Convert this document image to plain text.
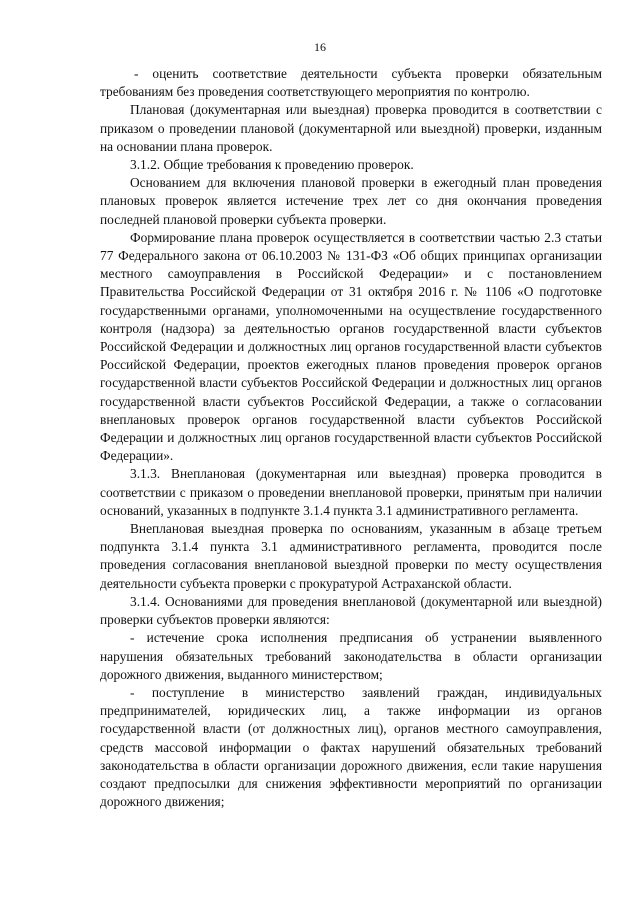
16

- оценить соответствие деятельности субъекта проверки обязательным требованиям без проведения соответствующего мероприятия по контролю.

Плановая (документарная или выездная) проверка проводится в соответствии с приказом о проведении плановой (документарной или выездной) проверки, изданным на основании плана проверок.

3.1.2. Общие требования к проведению проверок.

Основанием для включения плановой проверки в ежегодный план проведения плановых проверок является истечение трех лет со дня окончания проведения последней плановой проверки субъекта проверки.

Формирование плана проверок осуществляется в соответствии частью 2.3 статьи 77 Федерального закона от 06.10.2003 № 131-ФЗ «Об общих принципах организации местного самоуправления в Российской Федерации» и с постановлением Правительства Российской Федерации от 31 октября 2016 г. № 1106 «О подготовке государственными органами, уполномоченными на осуществление государственного контроля (надзора) за деятельностью органов государственной власти субъектов Российской Федерации и должностных лиц органов государственной власти субъектов Российской Федерации, проектов ежегодных планов проведения проверок органов государственной власти субъектов Российской Федерации и должностных лиц органов государственной власти субъектов Российской Федерации, а также о согласовании внеплановых проверок органов государственной власти субъектов Российской Федерации и должностных лиц органов государственной власти субъектов Российской Федерации».

3.1.3. Внеплановая (документарная или выездная) проверка проводится в соответствии с приказом о проведении внеплановой проверки, принятым при наличии оснований, указанных в подпункте 3.1.4 пункта 3.1 административного регламента.

Внеплановая выездная проверка по основаниям, указанным в абзаце третьем подпункта 3.1.4 пункта 3.1 административного регламента, проводится после проведения согласования внеплановой выездной проверки по месту осуществления деятельности субъекта проверки с прокуратурой Астраханской области.

3.1.4. Основаниями для проведения внеплановой (документарной или выездной) проверки субъектов проверки являются:

- истечение срока исполнения предписания об устранении выявленного нарушения обязательных требований законодательства в области организации дорожного движения, выданного министерством;

- поступление в министерство заявлений граждан, индивидуальных предпринимателей, юридических лиц, а также информации из органов государственной власти (от должностных лиц), органов местного самоуправления, средств массовой информации о фактах нарушений обязательных требований законодательства в области организации дорожного движения, если такие нарушения создают предпосылки для снижения эффективности мероприятий по организации дорожного движения;
